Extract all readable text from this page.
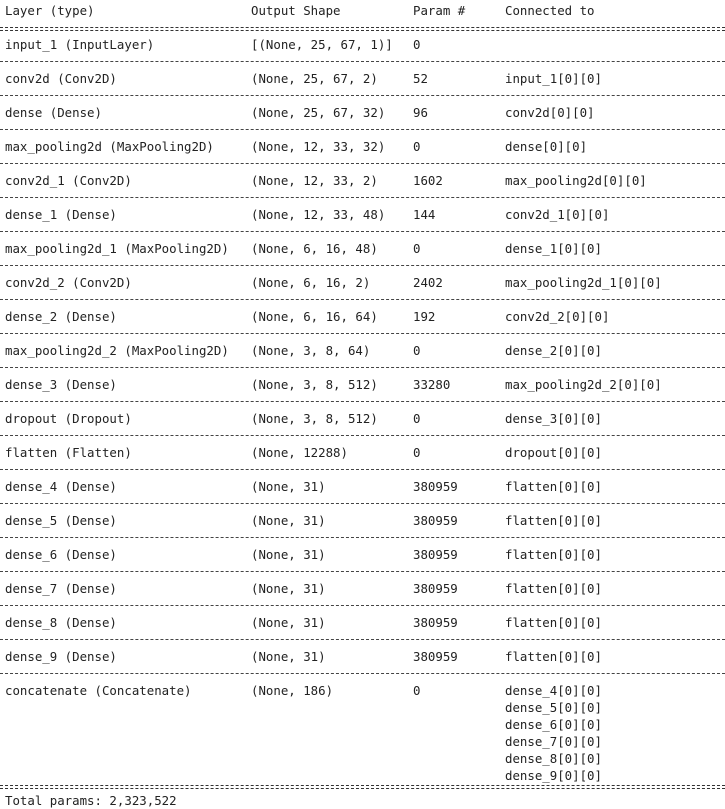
Layer (type)	Output Shape	Param #	Connected to
input_1 (InputLayer)	[(None, 25, 67, 1)] 0
conv2d (Conv2D)	(None, 25, 67, 2)	52	input_1[0][0]
dense (Dense)	(None, 25, 67, 32) 96	conv2d[0][0]
max_pooling2d (MaxPooling2D)	(None, 12, 33, 32) 0	dense[0][0]
conv2d_1 (Conv2D)	(None, 12, 33, 2)	1602	max_pooling2d[0][0]
dense_1 (Dense)	(None, 12, 33, 48) 144	conv2d_1[0][0]
max_pooling2d_1 (MaxPooling2D) (None, 6, 16, 48)	0	dense_1[0][0]
conv2d_2 (Conv2D)	(None, 6, 16, 2)	2402	max_pooling2d_1[0][0]
dense_2 (Dense)	(None, 6, 16, 64)	192	conv2d_2[0][0]
max_pooling2d_2 (MaxPooling2D) (None, 3, 8, 64)	0	dense_2[0][0]
dense_3 (Dense)	(None, 3, 8, 512)	33280	max_pooling2d_2[0][0]
dropout (Dropout)	(None, 3, 8, 512)	0	dense_3[0][0]
flatten (Flatten)	(None, 12288)	0	dropout[0][0]
dense_4 (Dense)	(None, 31)	380959	flatten[0][0]
dense_5 (Dense)	(None, 31)	380959	flatten[0][0]
dense_6 (Dense)	(None, 31)	380959	flatten[0][0]
dense_7 (Dense)	(None, 31)	380959	flatten[0][0]
dense_8 (Dense)	(None, 31)	380959	flatten[0][0]
dense_9 (Dense)	(None, 31)	380959	flatten[0][0]
concatenate (Concatenate)	(None, 186)	0	dense_4[0][0]
dense_5[0][0]
dense_6[0][0]
dense_7[0][0]
dense_8[0][0]
dense_9[0][0]
Total params: 2,323,522
